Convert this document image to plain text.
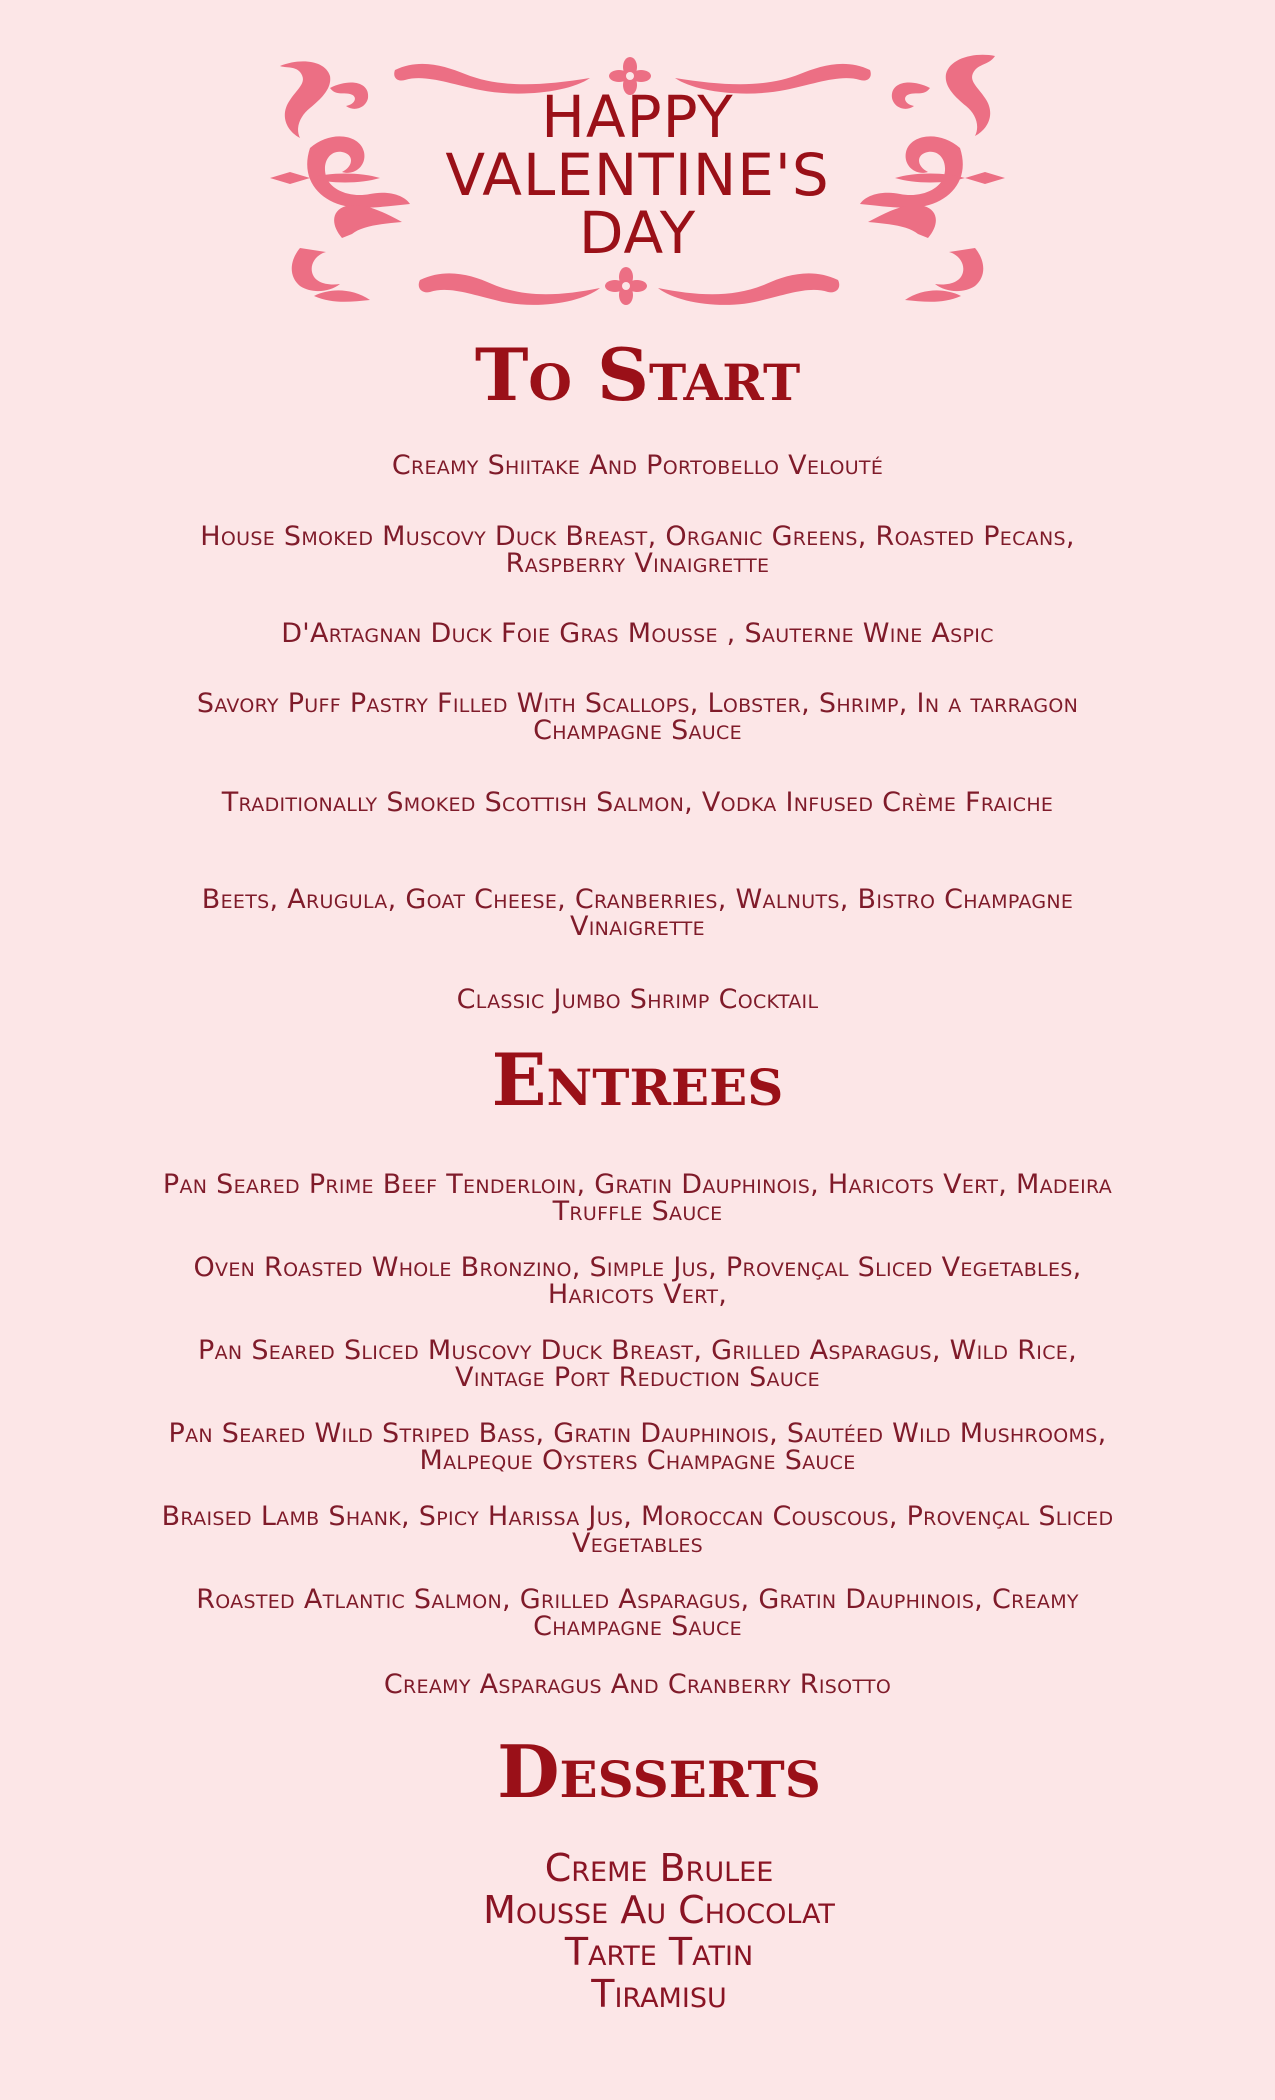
HAPPY
VALENTINE'S
DAY
To Start
Creamy Shiitake And Portobello Velouté
House Smoked Muscovy Duck Breast, Organic Greens, Roasted Pecans, Raspberry Vinaigrette
D'Artagnan Duck Foie Gras Mousse , Sauterne Wine Aspic
Savory Puff Pastry Filled With Scallops, Lobster, Shrimp, In a tarragon Champagne Sauce
Traditionally Smoked Scottish Salmon, Vodka Infused Crème Fraiche
Beets, Arugula, Goat Cheese, Cranberries, Walnuts, Bistro Champagne Vinaigrette
Classic Jumbo Shrimp Cocktail
Entrees
Pan Seared Prime Beef Tenderloin, Gratin Dauphinois, Haricots Vert, Madeira Truffle Sauce
Oven Roasted Whole Bronzino, Simple Jus, Provençal Sliced Vegetables, Haricots Vert,
Pan Seared Sliced Muscovy Duck Breast, Grilled Asparagus, Wild Rice, Vintage Port Reduction Sauce
Pan Seared Wild Striped Bass, Gratin Dauphinois, Sautéed Wild Mushrooms, Malpeque Oysters Champagne Sauce
Braised Lamb Shank, Spicy Harissa Jus, Moroccan Couscous, Provençal Sliced Vegetables
Roasted Atlantic Salmon, Grilled Asparagus, Gratin Dauphinois, Creamy Champagne Sauce
Creamy Asparagus And Cranberry Risotto
Desserts
Creme Brulee
Mousse Au Chocolat
Tarte Tatin
Tiramisu
